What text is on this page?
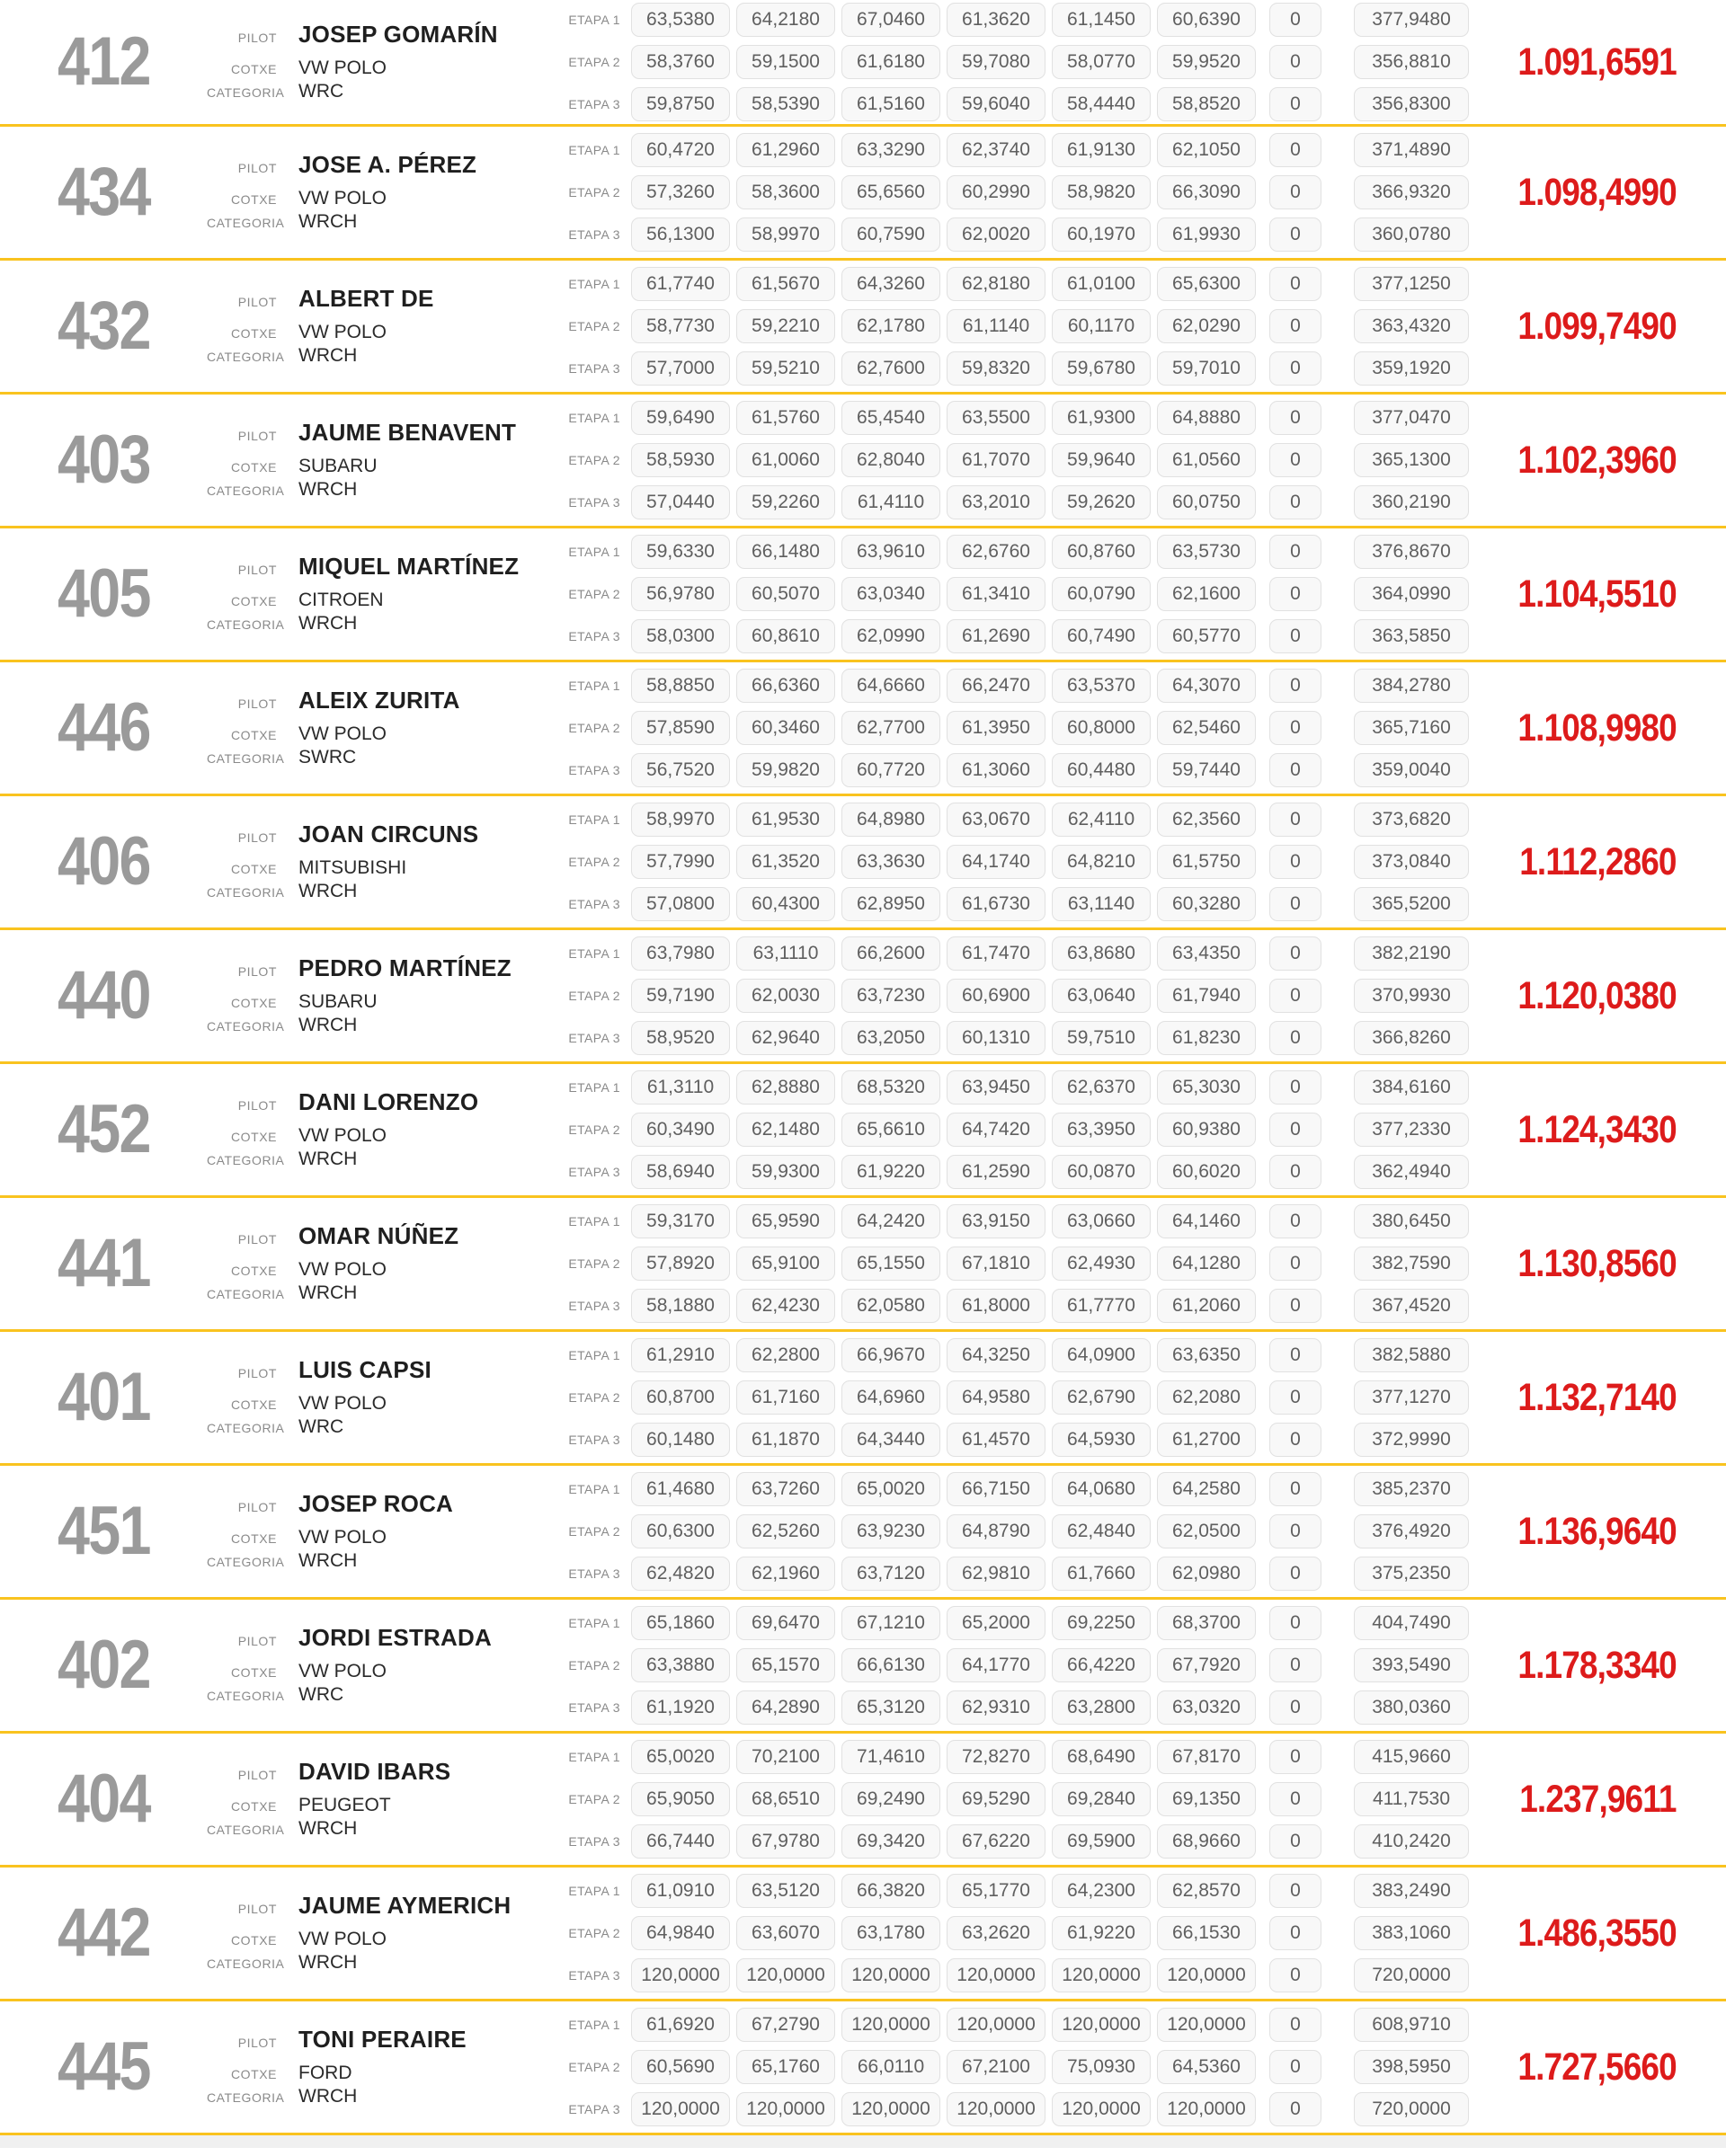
412	PILOT JOSEP GOMARÍN
COTXE VW POLO
CATEGORIA WRC
ETAPA 1	63,5380	64,2180	67,0460	61,3620	61,1450	60,6390	0	377,9480
ETAPA 2	58,3760	59,1500	61,6180	59,7080	58,0770	59,9520	0	356,8810
ETAPA 3	59,8750	58,5390	61,5160	59,6040	58,4440	58,8520	0	356,8300
1.091,6591
434	PILOT JOSE A. PÉREZ
COTXE VW POLO
CATEGORIA WRCH
ETAPA 1	60,4720	61,2960	63,3290	62,3740	61,9130	62,1050	0	371,4890
ETAPA 2	57,3260	58,3600	65,6560	60,2990	58,9820	66,3090	0	366,9320
ETAPA 3	56,1300	58,9970	60,7590	62,0020	60,1970	61,9930	0	360,0780
1.098,4990
432	PILOT ALBERT DE
COTXE VW POLO
CATEGORIA WRCH
ETAPA 1	61,7740	61,5670	64,3260	62,8180	61,0100	65,6300	0	377,1250
ETAPA 2	58,7730	59,2210	62,1780	61,1140	60,1170	62,0290	0	363,4320
ETAPA 3	57,7000	59,5210	62,7600	59,8320	59,6780	59,7010	0	359,1920
1.099,7490
403	PILOT JAUME BENAVENT
COTXE SUBARU
CATEGORIA WRCH
ETAPA 1	59,6490	61,5760	65,4540	63,5500	61,9300	64,8880	0	377,0470
ETAPA 2	58,5930	61,0060	62,8040	61,7070	59,9640	61,0560	0	365,1300
ETAPA 3	57,0440	59,2260	61,4110	63,2010	59,2620	60,0750	0	360,2190
1.102,3960
405	PILOT MIQUEL MARTÍNEZ
COTXE CITROEN
CATEGORIA WRCH
ETAPA 1	59,6330	66,1480	63,9610	62,6760	60,8760	63,5730	0	376,8670
ETAPA 2	56,9780	60,5070	63,0340	61,3410	60,0790	62,1600	0	364,0990
ETAPA 3	58,0300	60,8610	62,0990	61,2690	60,7490	60,5770	0	363,5850
1.104,5510
446	PILOT ALEIX ZURITA
COTXE VW POLO
CATEGORIA SWRC
ETAPA 1	58,8850	66,6360	64,6660	66,2470	63,5370	64,3070	0	384,2780
ETAPA 2	57,8590	60,3460	62,7700	61,3950	60,8000	62,5460	0	365,7160
ETAPA 3	56,7520	59,9820	60,7720	61,3060	60,4480	59,7440	0	359,0040
1.108,9980
406	PILOT JOAN CIRCUNS
COTXE MITSUBISHI
CATEGORIA WRCH
ETAPA 1	58,9970	61,9530	64,8980	63,0670	62,4110	62,3560	0	373,6820
ETAPA 2	57,7990	61,3520	63,3630	64,1740	64,8210	61,5750	0	373,0840
ETAPA 3	57,0800	60,4300	62,8950	61,6730	63,1140	60,3280	0	365,5200
1.112,2860
440	PILOT PEDRO MARTÍNEZ
COTXE SUBARU
CATEGORIA WRCH
ETAPA 1	63,7980	63,1110	66,2600	61,7470	63,8680	63,4350	0	382,2190
ETAPA 2	59,7190	62,0030	63,7230	60,6900	63,0640	61,7940	0	370,9930
ETAPA 3	58,9520	62,9640	63,2050	60,1310	59,7510	61,8230	0	366,8260
1.120,0380
452	PILOT DANI LORENZO
COTXE VW POLO
CATEGORIA WRCH
ETAPA 1	61,3110	62,8880	68,5320	63,9450	62,6370	65,3030	0	384,6160
ETAPA 2	60,3490	62,1480	65,6610	64,7420	63,3950	60,9380	0	377,2330
ETAPA 3	58,6940	59,9300	61,9220	61,2590	60,0870	60,6020	0	362,4940
1.124,3430
441	PILOT OMAR NÚÑEZ
COTXE VW POLO
CATEGORIA WRCH
ETAPA 1	59,3170	65,9590	64,2420	63,9150	63,0660	64,1460	0	380,6450
ETAPA 2	57,8920	65,9100	65,1550	67,1810	62,4930	64,1280	0	382,7590
ETAPA 3	58,1880	62,4230	62,0580	61,8000	61,7770	61,2060	0	367,4520
1.130,8560
401	PILOT LUIS CAPSI
COTXE VW POLO
CATEGORIA WRC
ETAPA 1	61,2910	62,2800	66,9670	64,3250	64,0900	63,6350	0	382,5880
ETAPA 2	60,8700	61,7160	64,6960	64,9580	62,6790	62,2080	0	377,1270
ETAPA 3	60,1480	61,1870	64,3440	61,4570	64,5930	61,2700	0	372,9990
1.132,7140
451	PILOT JOSEP ROCA
COTXE VW POLO
CATEGORIA WRCH
ETAPA 1	61,4680	63,7260	65,0020	66,7150	64,0680	64,2580	0	385,2370
ETAPA 2	60,6300	62,5260	63,9230	64,8790	62,4840	62,0500	0	376,4920
ETAPA 3	62,4820	62,1960	63,7120	62,9810	61,7660	62,0980	0	375,2350
1.136,9640
402	PILOT JORDI ESTRADA
COTXE VW POLO
CATEGORIA WRC
ETAPA 1	65,1860	69,6470	67,1210	65,2000	69,2250	68,3700	0	404,7490
ETAPA 2	63,3880	65,1570	66,6130	64,1770	66,4220	67,7920	0	393,5490
ETAPA 3	61,1920	64,2890	65,3120	62,9310	63,2800	63,0320	0	380,0360
1.178,3340
404	PILOT DAVID IBARS
COTXE PEUGEOT
CATEGORIA WRCH
ETAPA 1	65,0020	70,2100	71,4610	72,8270	68,6490	67,8170	0	415,9660
ETAPA 2	65,9050	68,6510	69,2490	69,5290	69,2840	69,1350	0	411,7530
ETAPA 3	66,7440	67,9780	69,3420	67,6220	69,5900	68,9660	0	410,2420
1.237,9611
442	PILOT JAUME AYMERICH
COTXE VW POLO
CATEGORIA WRCH
ETAPA 1	61,0910	63,5120	66,3820	65,1770	64,2300	62,8570	0	383,2490
ETAPA 2	64,9840	63,6070	63,1780	63,2620	61,9220	66,1530	0	383,1060
ETAPA 3	120,0000	120,0000	120,0000	120,0000	120,0000	120,0000	0	720,0000
1.486,3550
445	PILOT TONI PERAIRE
COTXE FORD
CATEGORIA WRCH
ETAPA 1	61,6920	67,2790	120,0000	120,0000	120,0000	120,0000	0	608,9710
ETAPA 2	60,5690	65,1760	66,0110	67,2100	75,0930	64,5360	0	398,5950
ETAPA 3	120,0000	120,0000	120,0000	120,0000	120,0000	120,0000	0	720,0000
1.727,5660
